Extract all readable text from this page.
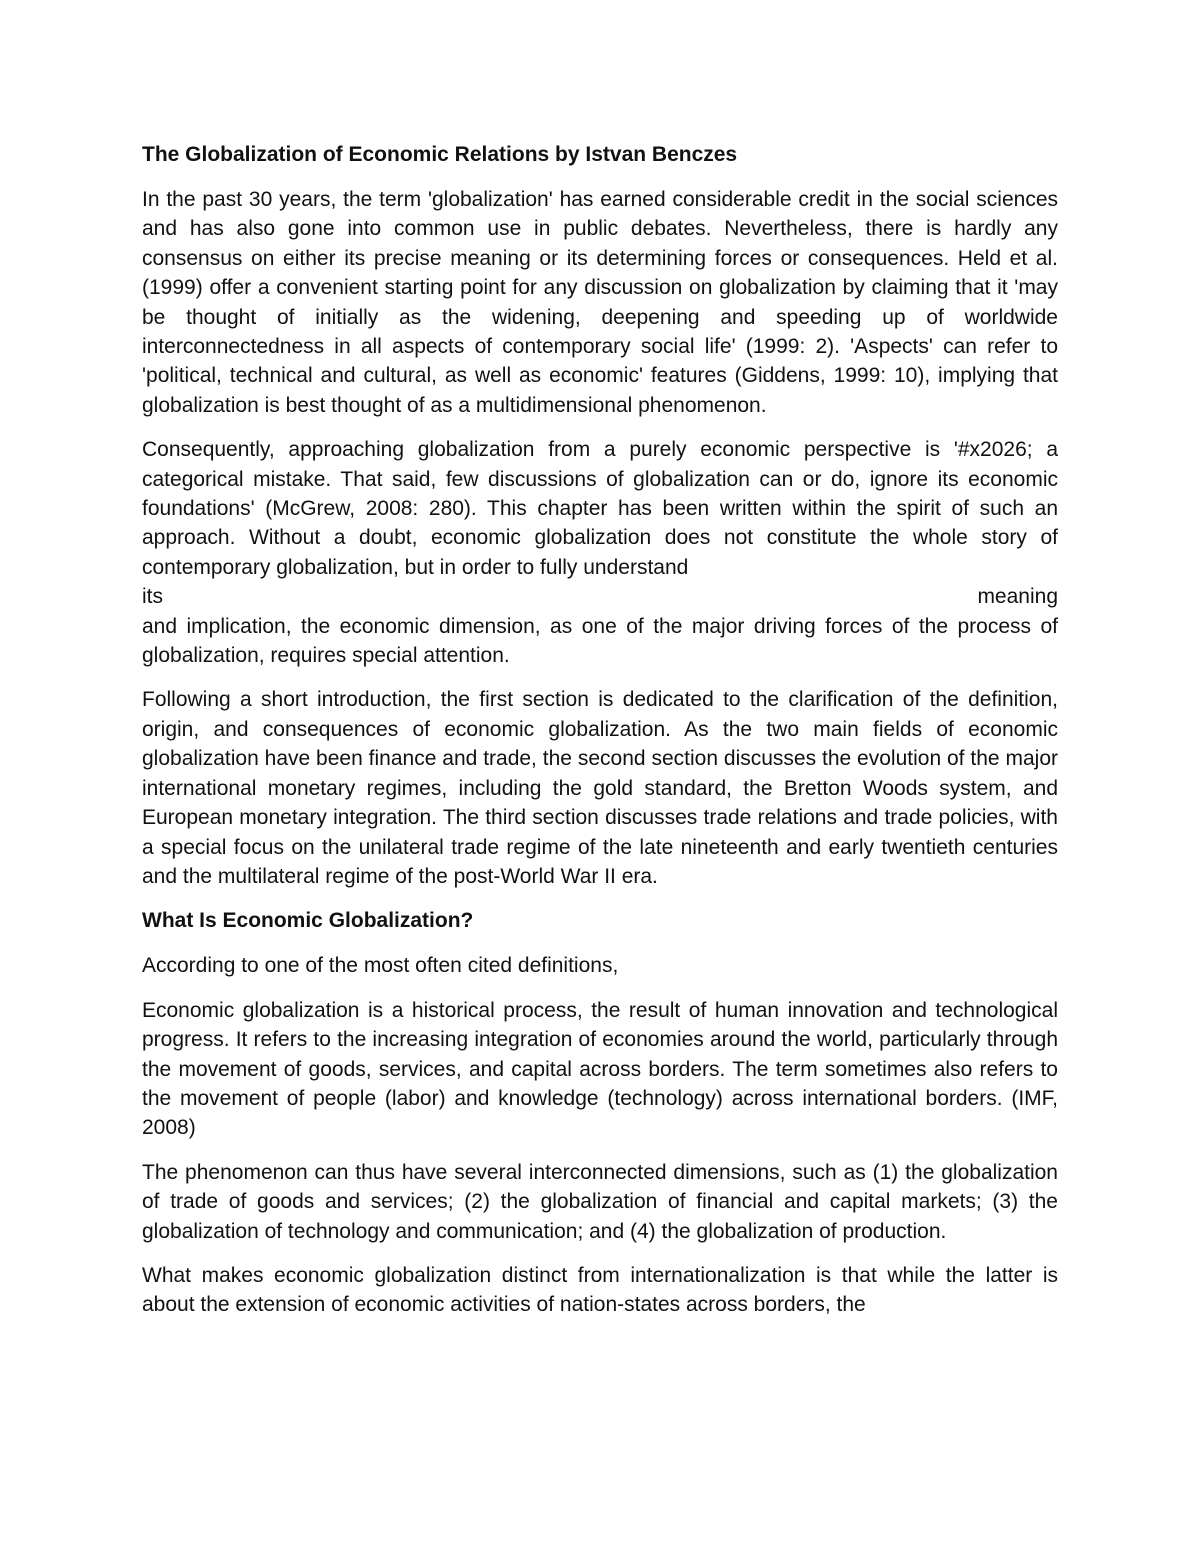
The Globalization of Economic Relations by Istvan Benczes

In the past 30 years, the term 'globalization' has earned considerable credit in the social sciences and has also gone into common use in public debates. Nevertheless, there is hardly any consensus on either its precise meaning or its determining forces or consequences. Held et al. (1999) offer a convenient starting point for any discussion on globalization by claiming that it 'may be thought of initially as the widening, deepening and speeding up of worldwide interconnectedness in all aspects of contemporary social life' (1999: 2). 'Aspects' can refer to 'political, technical and cultural, as well as economic' features (Giddens, 1999: 10), implying that globalization is best thought of as a multidimensional phenomenon.

Consequently, approaching globalization from a purely economic perspective is '#x2026; a categorical mistake. That said, few discussions of globalization can or do, ignore its economic foundations' (McGrew, 2008: 280). This chapter has been written within the spirit of such an approach. Without a doubt, economic globalization does not constitute the whole story of contemporary globalization, but in order to fully understand

its	meaning
and implication, the economic dimension, as one of the major driving forces of the process of globalization, requires special attention.

Following a short introduction, the first section is dedicated to the clarification of the definition, origin, and consequences of economic globalization. As the two main fields of economic globalization have been finance and trade, the second section discusses the evolution of the major international monetary regimes, including the gold standard, the Bretton Woods system, and European monetary integration. The third section discusses trade relations and trade policies, with a special focus on the unilateral trade regime of the late nineteenth and early twentieth centuries and the multilateral regime of the post-World War II era.

What Is Economic Globalization?

According to one of the most often cited definitions,

Economic globalization is a historical process, the result of human innovation and technological progress. It refers to the increasing integration of economies around the world, particularly through the movement of goods, services, and capital across borders. The term sometimes also refers to the movement of people (labor) and knowledge (technology) across international borders. (IMF, 2008)

The phenomenon can thus have several interconnected dimensions, such as (1) the globalization of trade of goods and services; (2) the globalization of financial and capital markets; (3) the globalization of technology and communication; and (4) the globalization of production.

What makes economic globalization distinct from internationalization is that while the latter is about the extension of economic activities of nation-states across borders, the
